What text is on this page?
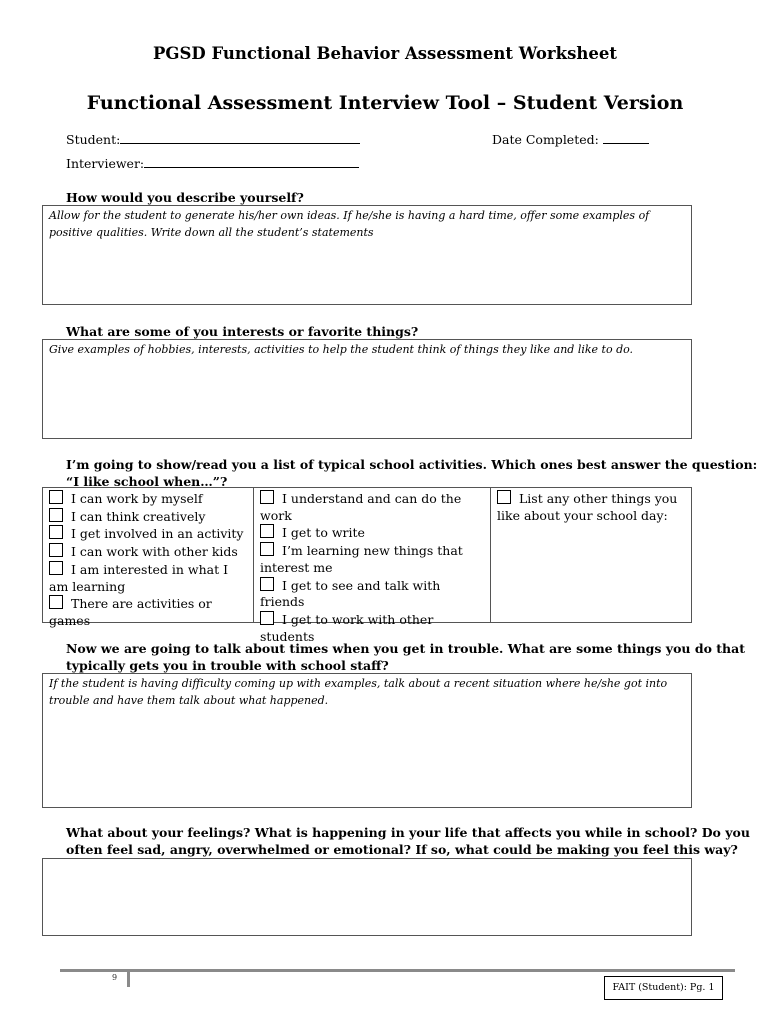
PGSD Functional Behavior Assessment Worksheet
Functional Assessment Interview Tool – Student Version
Student:	Date Completed:
Interviewer:
How would you describe yourself?
Allow for the student to generate his/her own ideas. If he/she is having a hard time, offer some examples of positive qualities. Write down all the student’s statements
What are some of you interests or favorite things?
Give examples of hobbies, interests, activities to help the student think of things they like and like to do.
I’m going to show/read you a list of typical school activities. Which ones best answer the question:
“I like school when…”?
I can work by myself
I can think creatively
I get involved in an activity
I can work with other kids
I am interested in what I am learning
There are activities or games
I understand and can do the work
I get to write
I’m learning new things that interest me
I get to see and talk with friends
I get to work with other students
List any other things you like about your school day:
Now we are going to talk about times when you get in trouble. What are some things you do that
typically gets you in trouble with school staff?
If the student is having difficulty coming up with examples, talk about a recent situation where he/she got into trouble and have them talk about what happened.
What about your feelings? What is happening in your life that affects you while in school? Do you
often feel sad, angry, overwhelmed or emotional? If so, what could be making you feel this way?
9
FAIT (Student): Pg. 1
